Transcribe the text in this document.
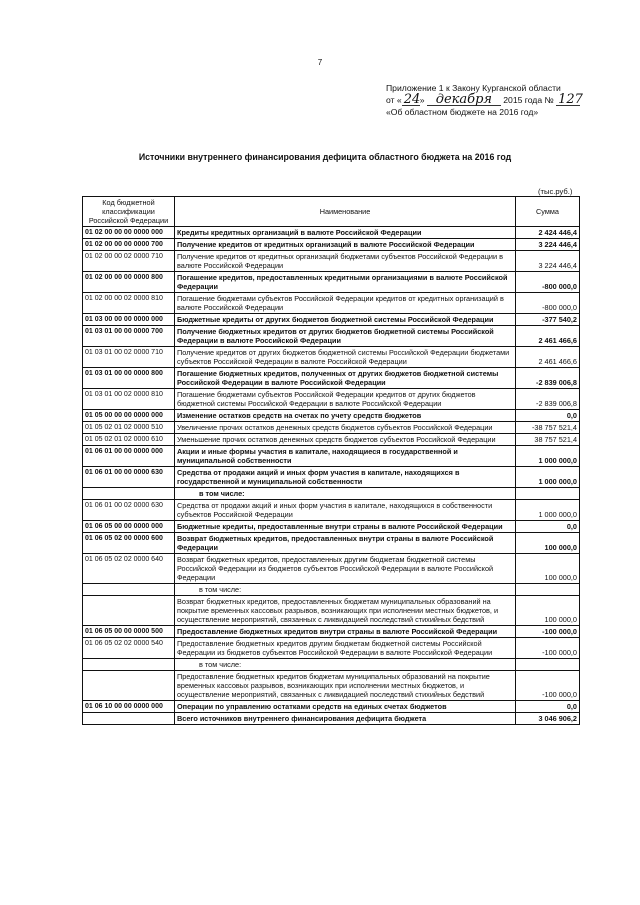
7
Приложение 1 к Закону Курганской области
от « 24» декабря 2015 года № 127
«Об областном бюджете на 2016 год»
Источники внутреннего финансирования дефицита областного бюджета на 2016 год
(тыс.руб.)
Код бюджетной классификации Российской Федерации	Наименование	Сумма
01 02 00 00 00 0000 000	Кредиты кредитных организаций в валюте Российской Федерации	2 424 446,4
01 02 00 00 00 0000 700	Получение кредитов от кредитных организаций в валюте Российской Федерации	3 224 446,4
01 02 00 00 02 0000 710	Получение кредитов от кредитных организаций бюджетами субъектов Российской Федерации в валюте Российской Федерации	3 224 446,4
01 02 00 00 00 0000 800	Погашение кредитов, предоставленных кредитными организациями в валюте Российской Федерации	-800 000,0
01 02 00 00 02 0000 810	Погашение бюджетами субъектов Российской Федерации кредитов от кредитных организаций в валюте Российской Федерации	-800 000,0
01 03 00 00 00 0000 000	Бюджетные кредиты от других бюджетов бюджетной системы Российской Федерации	-377 540,2
01 03 01 00 00 0000 700	Получение бюджетных кредитов от других бюджетов бюджетной системы Российской Федерации в валюте Российской Федерации	2 461 466,6
01 03 01 00 02 0000 710	Получение кредитов от других бюджетов бюджетной системы Российской Федерации бюджетами субъектов Российской Федерации в валюте Российской Федерации	2 461 466,6
01 03 01 00 00 0000 800	Погашение бюджетных кредитов, полученных от других бюджетов бюджетной системы Российской Федерации в валюте Российской Федерации	-2 839 006,8
01 03 01 00 02 0000 810	Погашение бюджетами субъектов Российской Федерации кредитов от других бюджетов бюджетной системы Российской Федерации в валюте Российской Федерации	-2 839 006,8
01 05 00 00 00 0000 000	Изменение остатков средств на счетах по учету средств бюджетов	0,0
01 05 02 01 02 0000 510	Увеличение прочих остатков денежных средств бюджетов субъектов Российской Федерации	-38 757 521,4
01 05 02 01 02 0000 610	Уменьшение прочих остатков денежных средств бюджетов субъектов Российской Федерации	38 757 521,4
01 06 01 00 00 0000 000	Акции и иные формы участия в капитале, находящиеся в государственной и муниципальной собственности	1 000 000,0
01 06 01 00 00 0000 630	Средства от продажи акций и иных форм участия в капитале, находящихся в государственной и муниципальной собственности	1 000 000,0
	в том числе:	
01 06 01 00 02 0000 630	Средства от продажи акций и иных форм участия в капитале, находящихся в собственности субъектов Российской Федерации	1 000 000,0
01 06 05 00 00 0000 000	Бюджетные кредиты, предоставленные внутри страны в валюте Российской Федерации	0,0
01 06 05 02 00 0000 600	Возврат бюджетных кредитов, предоставленных внутри страны в валюте Российской Федерации	100 000,0
01 06 05 02 02 0000 640	Возврат бюджетных кредитов, предоставленных другим бюджетам бюджетной системы Российской Федерации из бюджетов субъектов Российской Федерации в валюте Российской Федерации	100 000,0
	в том числе:	
	Возврат бюджетных кредитов, предоставленных бюджетам муниципальных образований на покрытие временных кассовых разрывов, возникающих при исполнении местных бюджетов, и осуществление мероприятий, связанных с ликвидацией последствий стихийных бедствий	100 000,0
01 06 05 00 00 0000 500	Предоставление бюджетных кредитов внутри страны в валюте Российской Федерации	-100 000,0
01 06 05 02 02 0000 540	Предоставление бюджетных кредитов другим бюджетам бюджетной системы Российской Федерации из бюджетов субъектов Российской Федерации в валюте Российской Федерации	-100 000,0
	в том числе:	
	Предоставление бюджетных кредитов бюджетам муниципальных образований на покрытие временных кассовых разрывов, возникающих при исполнении местных бюджетов, и осуществление мероприятий, связанных с ликвидацией последствий стихийных бедствий	-100 000,0
01 06 10 00 00 0000 000	Операции по управлению остатками средств на единых счетах бюджетов	0,0
	Всего источников внутреннего финансирования дефицита бюджета	3 046 906,2
